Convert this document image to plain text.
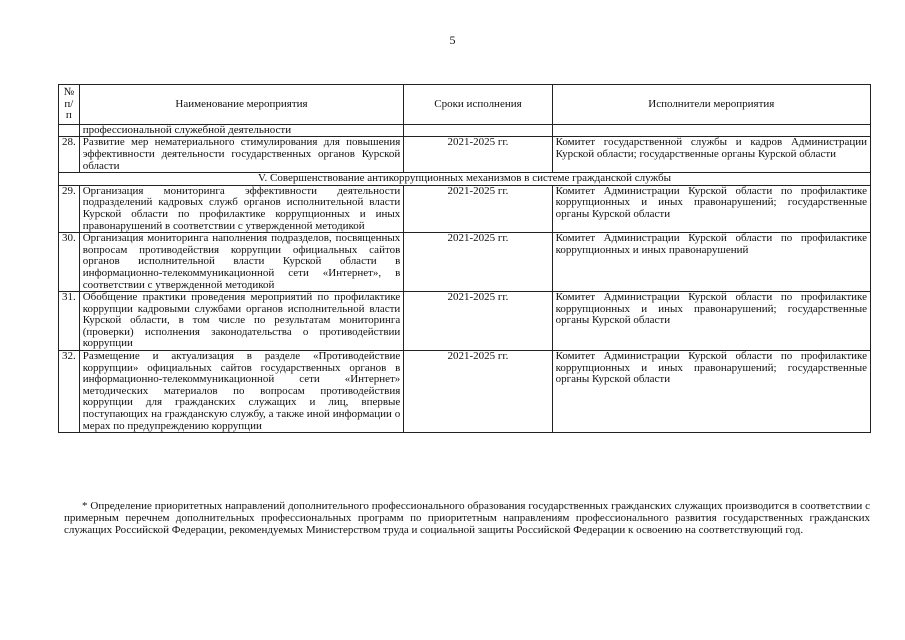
5
№ п/п	Наименование мероприятия	Сроки исполнения	Исполнители мероприятия
	профессиональной служебной деятельности		
28.	Развитие мер нематериального стимулирования для повышения эффективности деятельности государственных органов Курской области	2021-2025 гг.	Комитет государственной службы и кадров Администрации Курской области; государственные органы Курской области
V. Совершенствование антикоррупционных механизмов в системе гражданской службы			
29.	Организация мониторинга эффективности деятельности подразделений кадровых служб органов исполнительной власти Курской области по профилактике коррупционных и иных правонарушений в соответствии с утвержденной методикой	2021-2025 гг.	Комитет Администрации Курской области по профилактике коррупционных и иных правонарушений; государственные органы Курской области
30.	Организация мониторинга наполнения подразделов, посвященных вопросам противодействия коррупции официальных сайтов органов исполнительной власти Курской области в информационно-телекоммуникационной сети «Интернет», в соответствии с утвержденной методикой	2021-2025 гг.	Комитет Администрации Курской области по профилактике коррупционных и иных правонарушений
31.	Обобщение практики проведения мероприятий по профилактике коррупции кадровыми службами органов исполнительной власти Курской области, в том числе по результатам мониторинга (проверки) исполнения законодательства о противодействии коррупции	2021-2025 гг.	Комитет Администрации Курской области по профилактике коррупционных и иных правонарушений; государственные органы Курской области
32.	Размещение и актуализация в разделе «Противодействие коррупции» официальных сайтов государственных органов в информационно-телекоммуникационной сети «Интернет» методических материалов по вопросам противодействия коррупции для гражданских служащих и лиц, впервые поступающих на гражданскую службу, а также иной информации о мерах по предупреждению коррупции	2021-2025 гг.	Комитет Администрации Курской области по профилактике коррупционных и иных правонарушений; государственные органы Курской области
* Определение приоритетных направлений дополнительного профессионального образования государственных гражданских служащих производится в соответствии с примерным перечнем дополнительных профессиональных программ по приоритетным направлениям профессионального развития государственных гражданских служащих Российской Федерации, рекомендуемых Министерством труда и социальной защиты Российской Федерации к освоению на соответствующий год.
